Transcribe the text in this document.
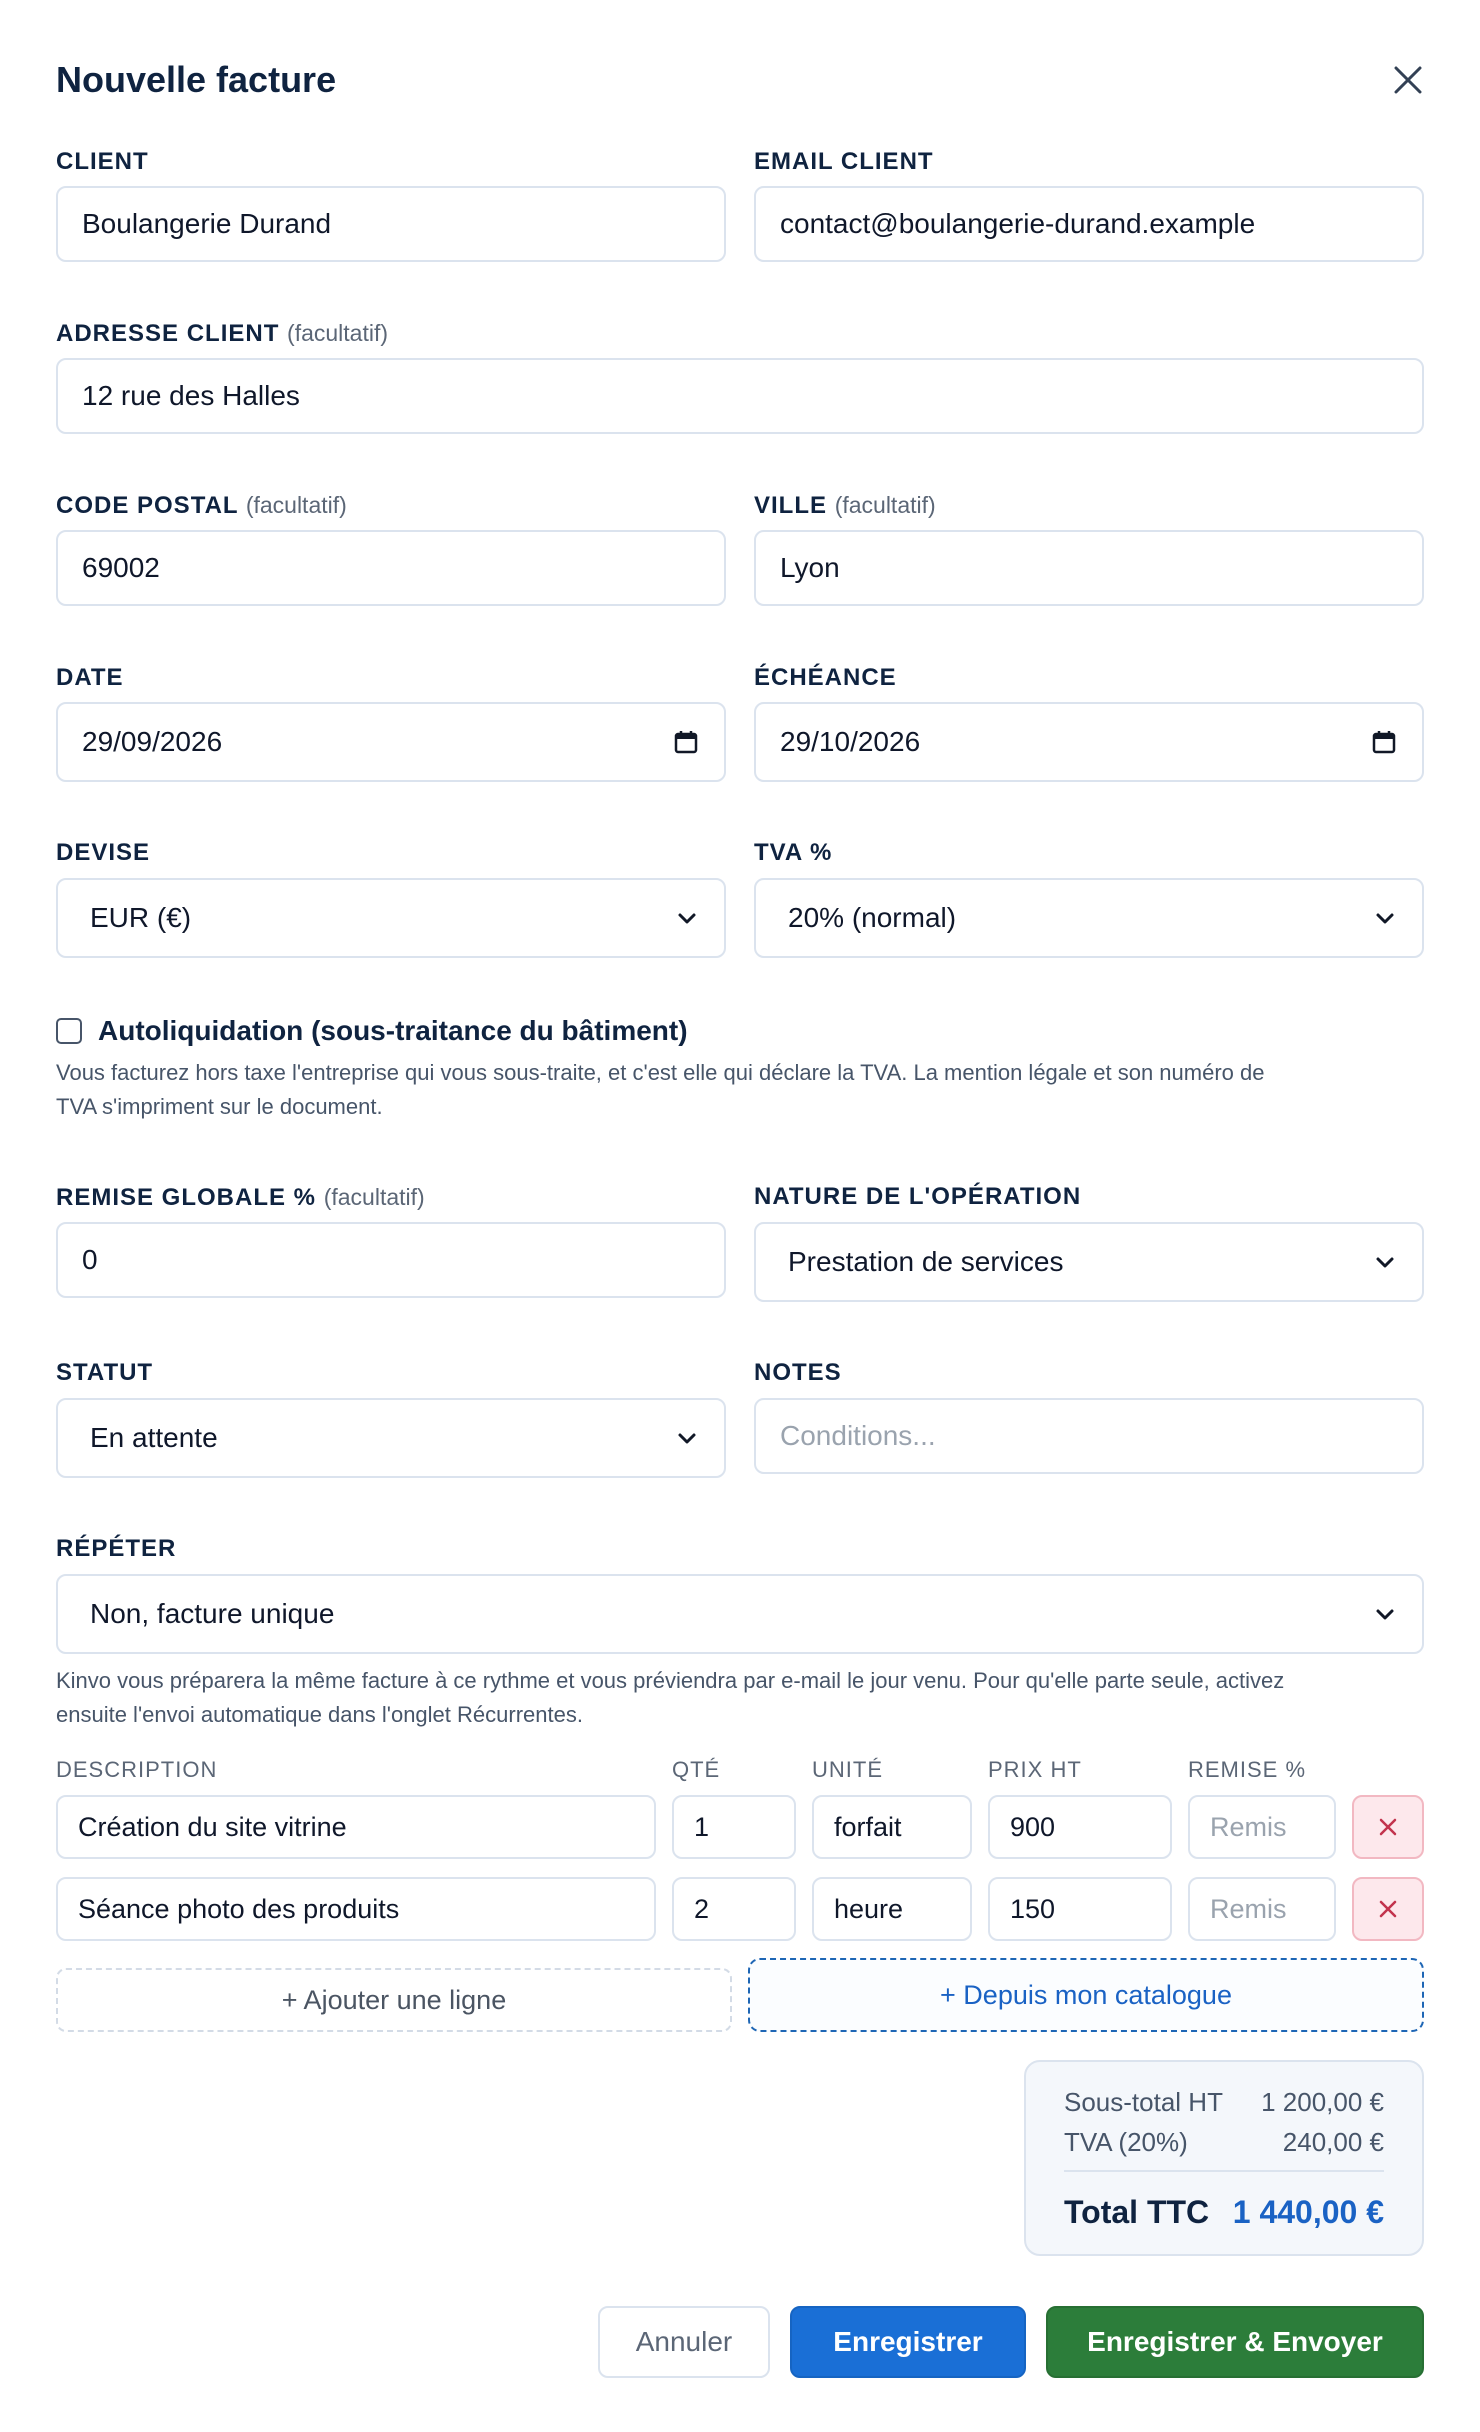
Nouvelle facture
CLIENT
Boulangerie Durand
EMAIL CLIENT
contact@boulangerie-durand.example
ADRESSE CLIENT (facultatif)
12 rue des Halles
CODE POSTAL (facultatif)
69002
VILLE (facultatif)
Lyon
DATE
29/09/2026
ÉCHÉANCE
29/10/2026
DEVISE
EUR (€)
TVA %
20% (normal)
Autoliquidation (sous-traitance du bâtiment)
Vous facturez hors taxe l'entreprise qui vous sous-traite, et c'est elle qui déclare la TVA. La mention légale et son numéro de
TVA s'impriment sur le document.
REMISE GLOBALE % (facultatif)
0
NATURE DE L'OPÉRATION
Prestation de services
STATUT
En attente
NOTES
Conditions...
RÉPÉTER
Non, facture unique
Kinvo vous préparera la même facture à ce rythme et vous préviendra par e-mail le jour venu. Pour qu'elle parte seule, activez
ensuite l'envoi automatique dans l'onglet Récurrentes.
DESCRIPTION	QTÉ	UNITÉ	PRIX HT	REMISE %
Création du site vitrine	1	forfait	900	Remis
Séance photo des produits	2	heure	150	Remis
+ Ajouter une ligne	+ Depuis mon catalogue
Sous-total HT 1 200,00 €
TVA (20%)	240,00 €
Total TTC 1 440,00 €
Annuler	Enregistrer	Enregistrer & Envoyer
